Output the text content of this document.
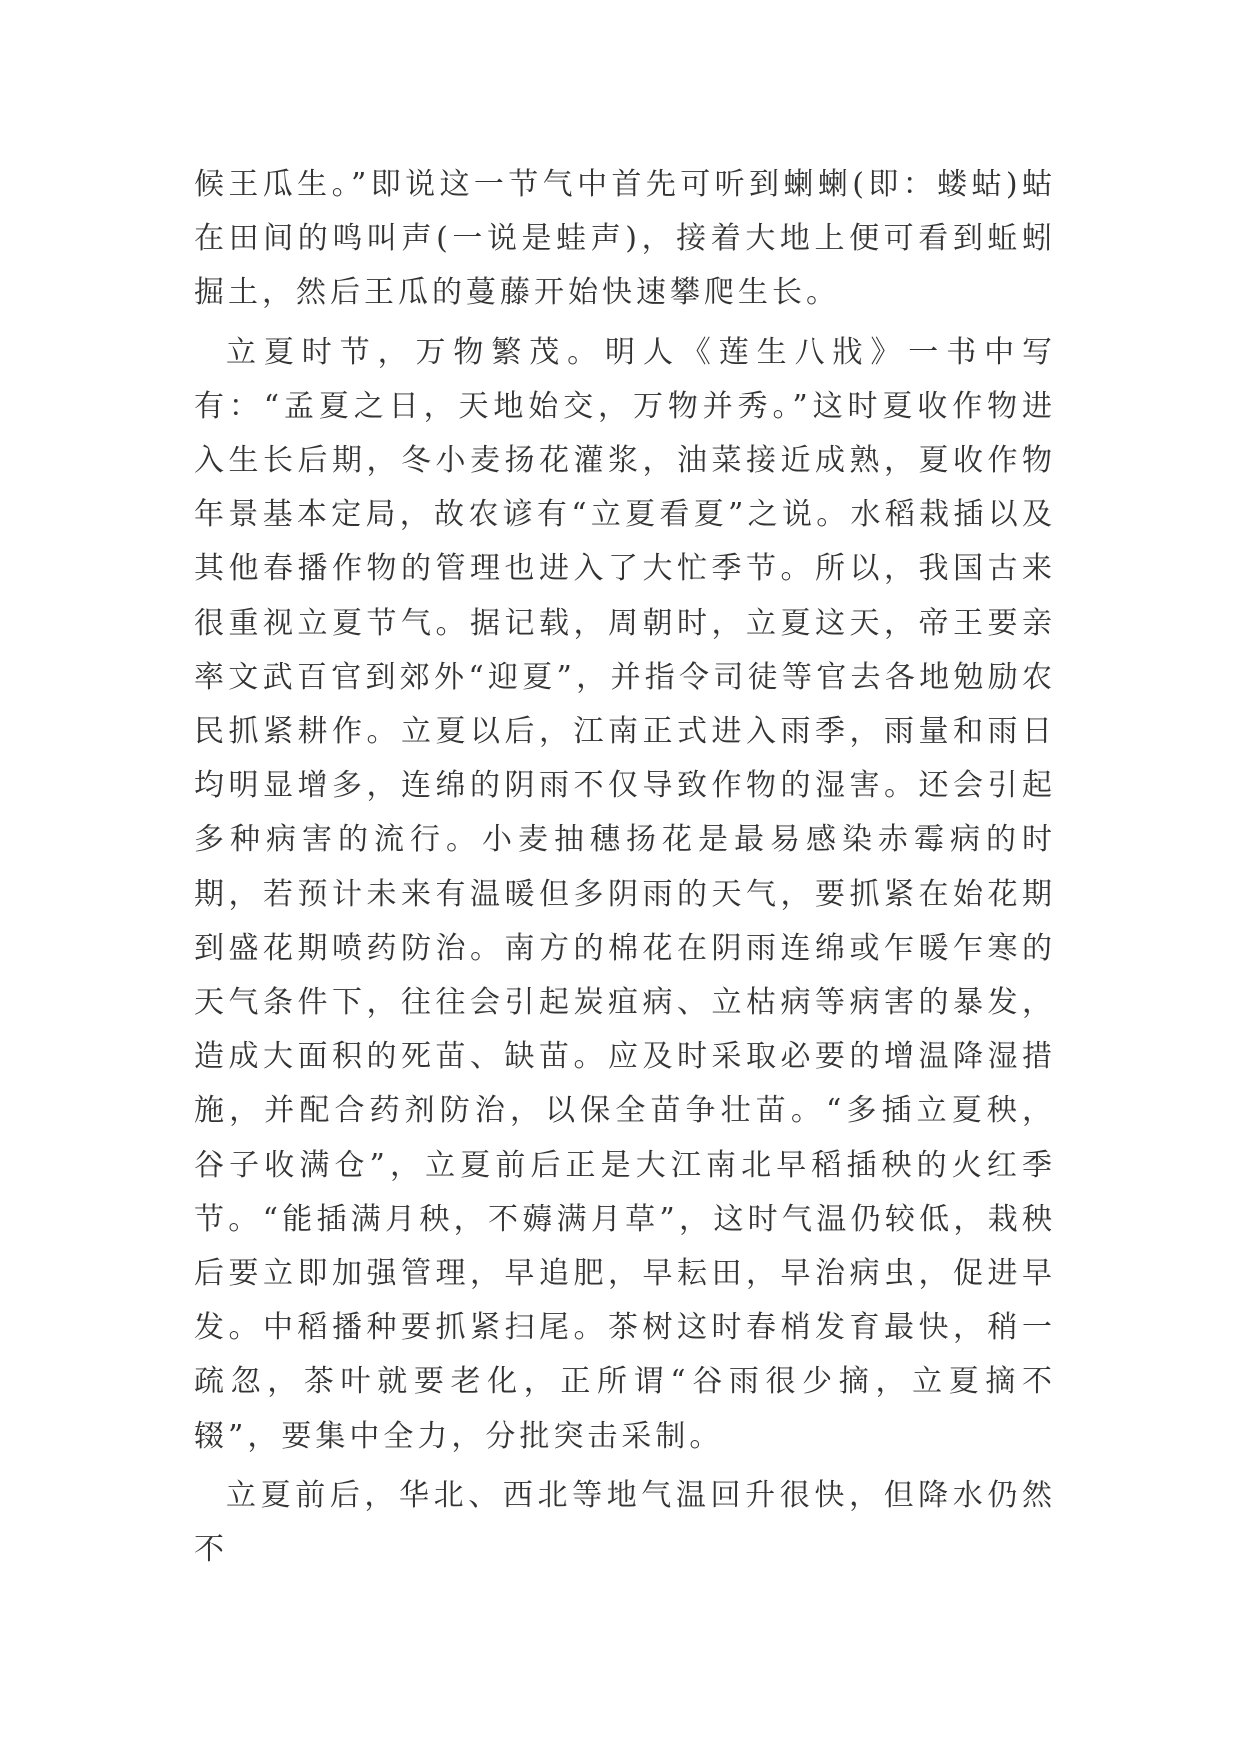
候王瓜生。”即说这一节气中首先可听到蝲蝲(即：蝼蛄)蛄在田间的鸣叫声(一说是蛙声)，接着大地上便可看到蚯蚓掘土，然后王瓜的蔓藤开始快速攀爬生长。

立夏时节，万物繁茂。明人《莲生八戕》一书中写有：“孟夏之日，天地始交，万物并秀。”这时夏收作物进入生长后期，冬小麦扬花灌浆，油菜接近成熟，夏收作物年景基本定局，故农谚有“立夏看夏”之说。水稻栽插以及其他春播作物的管理也进入了大忙季节。所以，我国古来很重视立夏节气。据记载，周朝时，立夏这天，帝王要亲率文武百官到郊外“迎夏”，并指令司徒等官去各地勉励农民抓紧耕作。立夏以后，江南正式进入雨季，雨量和雨日均明显增多，连绵的阴雨不仅导致作物的湿害。还会引起多种病害的流行。小麦抽穗扬花是最易感染赤霉病的时期，若预计未来有温暖但多阴雨的天气，要抓紧在始花期到盛花期喷药防治。南方的棉花在阴雨连绵或乍暖乍寒的天气条件下，往往会引起炭疽病、立枯病等病害的暴发，造成大面积的死苗、缺苗。应及时采取必要的增温降湿措施，并配合药剂防治，以保全苗争壮苗。“多插立夏秧，谷子收满仓”，立夏前后正是大江南北早稻插秧的火红季节。“能插满月秧，不薅满月草”，这时气温仍较低，栽秧后要立即加强管理，早追肥，早耘田，早治病虫，促进早发。中稻播种要抓紧扫尾。茶树这时春梢发育最快，稍一疏忽，茶叶就要老化，正所谓“谷雨很少摘，立夏摘不辍”，要集中全力，分批突击采制。

立夏前后，华北、西北等地气温回升很快，但降水仍然不
